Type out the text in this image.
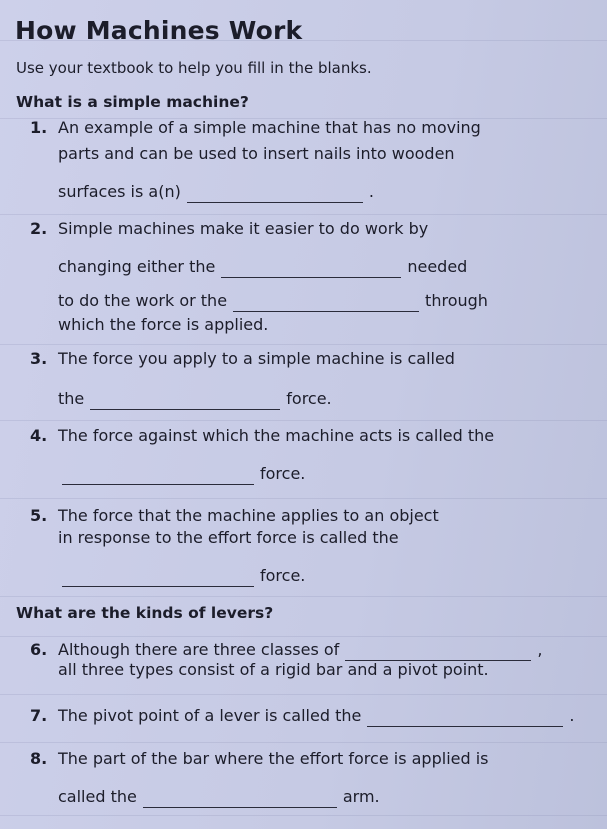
How Machines Work
Use your textbook to help you fill in the blanks.
What is a simple machine?
1. An example of a simple machine that has no moving
parts and can be used to insert nails into wooden
surfaces is a(n)	.
2. Simple machines make it easier to do work by
changing either the	needed
to do the work or the	through
which the force is applied.
3. The force you apply to a simple machine is called
the	force.
4. The force against which the machine acts is called the
force.
5. The force that the machine applies to an object
in response to the effort force is called the
force.
What are the kinds of levers?
6. Although there are three classes of	,
all three types consist of a rigid bar and a pivot point.
7. The pivot point of a lever is called the	.
8. The part of the bar where the effort force is applied is
called the	arm.
